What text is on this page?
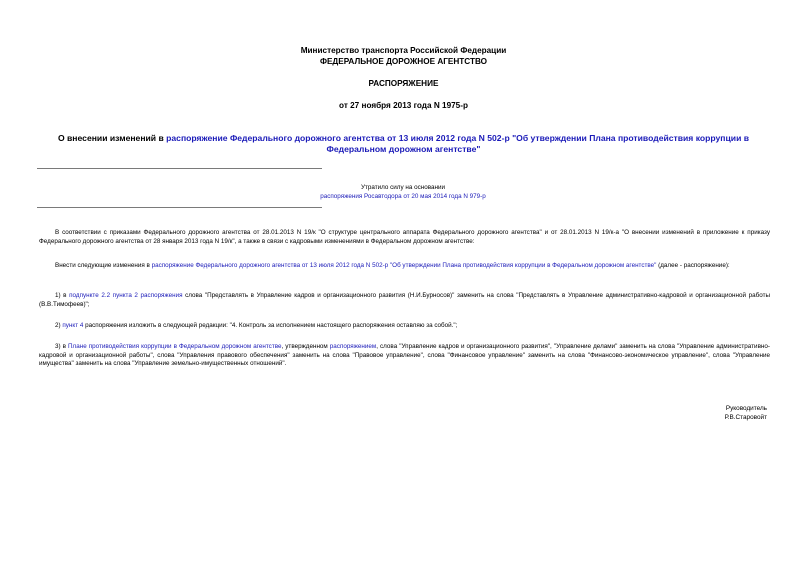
Министерство транспорта Российской Федерации
ФЕДЕРАЛЬНОЕ ДОРОЖНОЕ АГЕНТСТВО
РАСПОРЯЖЕНИЕ
от 27 ноября 2013 года N 1975-р
О внесении изменений в распоряжение Федерального дорожного агентства от 13 июля 2012 года N 502-р "Об утверждении Плана противодействия коррупции в Федеральном дорожном агентстве"
Утратило силу на основании
распоряжения Росавтодора от 20 мая 2014 года N 979-р
В соответствии с приказами Федерального дорожного агентства от 28.01.2013 N 19/к "О структуре центрального аппарата Федерального дорожного агентства" и от 28.01.2013 N 19/к-а "О внесении изменений в приложение к приказу Федерального дорожного агентства от 28 января 2013 года N 19/к", а также в связи с кадровыми изменениями в Федеральном дорожном агентстве:
Внести следующие изменения в распоряжение Федерального дорожного агентства от 13 июля 2012 года N 502-р "Об утверждении Плана противодействия коррупции в Федеральном дорожном агентстве" (далее - распоряжение):
1) в подпункте 2.2 пункта 2 распоряжения слова "Представлять в Управление кадров и организационного развития (Н.И.Бурносов)" заменить на слова "Представлять в Управление административно-кадровой и организационной работы (В.В.Тимофеев)";
2) пункт 4 распоряжения изложить в следующей редакции: "4. Контроль за исполнением настоящего распоряжения оставляю за собой.";
3) в Плане противодействия коррупции в Федеральном дорожном агентстве, утвержденном распоряжением, слова "Управление кадров и организационного развития", "Управление делами" заменить на слова "Управление административно-кадровой и организационной работы", слова "Управления правового обеспечения" заменить на слова "Правовое управление", слова "Финансовое управление" заменить на слова "Финансово-экономическое управление", слова "Управление имущества" заменить на слова "Управление земельно-имущественных отношений".
Руководитель
Р.В.Старовойт
